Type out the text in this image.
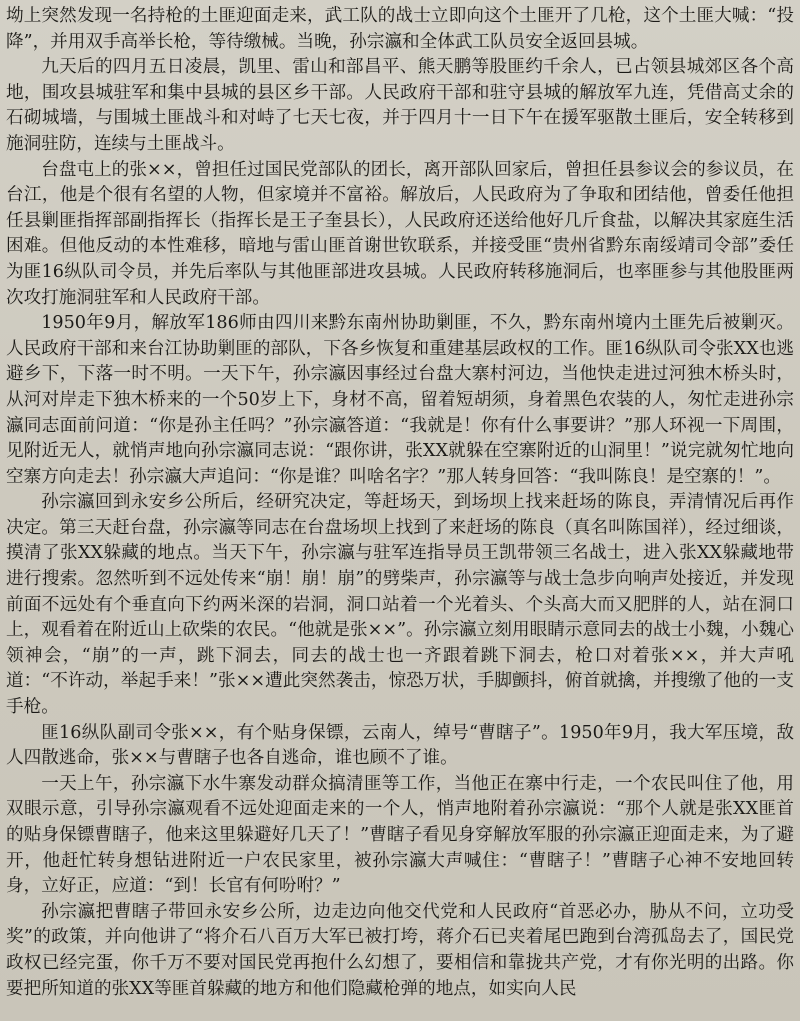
坳上突然发现一名持枪的土匪迎面走来，武工队的战士立即向这个土匪开了几枪，这个土匪大喊：“投降”，并用双手高举长枪，等待缴械。当晚，孙宗瀛和全体武工队员安全返回县城。

九天后的四月五日凌晨，凯里、雷山和部昌平、熊天鹏等股匪约千余人，已占领县城郊区各个高地，围攻县城驻军和集中县城的县区乡干部。人民政府干部和驻守县城的解放军九连，凭借高丈余的石砌城墙，与围城土匪战斗和对峙了七天七夜，并于四月十一日下午在援军驱散土匪后，安全转移到施洞驻防，连续与土匪战斗。

台盘屯上的张××，曾担任过国民党部队的团长，离开部队回家后，曾担任县参议会的参议员，在台江，他是个很有名望的人物，但家境并不富裕。解放后，人民政府为了争取和团结他，曾委任他担任县剿匪指挥部副指挥长（指挥长是王子奎县长），人民政府还送给他好几斤食盐，以解决其家庭生活困难。但他反动的本性难移，暗地与雷山匪首谢世钦联系，并接受匪“贵州省黔东南绥靖司令部”委任为匪16纵队司令员，并先后率队与其他匪部进攻县城。人民政府转移施洞后，也率匪参与其他股匪两次攻打施洞驻军和人民政府干部。

1950年9月，解放军186师由四川来黔东南州协助剿匪，不久，黔东南州境内土匪先后被剿灭。人民政府干部和来台江协助剿匪的部队，下各乡恢复和重建基层政权的工作。匪16纵队司令张XX也逃避乡下，下落一时不明。一天下午，孙宗瀛因事经过台盘大寨村河边，当他快走进过河独木桥头时，从河对岸走下独木桥来的一个50岁上下，身材不高，留着短胡须，身着黑色农装的人，匆忙走进孙宗瀛同志面前问道：“你是孙主任吗？”孙宗瀛答道：“我就是！你有什么事要讲？”那人环视一下周围，见附近无人，就悄声地向孙宗瀛同志说：“跟你讲，张XX就躲在空寨附近的山洞里！”说完就匆忙地向空寨方向走去！孙宗瀛大声追问：“你是谁？叫啥名字？”那人转身回答：“我叫陈良！是空寨的！”。

孙宗瀛回到永安乡公所后，经研究决定，等赶场天，到场坝上找来赶场的陈良，弄清情况后再作决定。第三天赶台盘，孙宗瀛等同志在台盘场坝上找到了来赶场的陈良（真名叫陈国祥），经过细谈，摸清了张XX躲藏的地点。当天下午，孙宗瀛与驻军连指导员王凯带领三名战士，进入张XX躲藏地带进行搜索。忽然听到不远处传来“崩！崩！崩”的劈柴声，孙宗瀛等与战士急步向响声处接近，并发现前面不远处有个垂直向下约两米深的岩洞，洞口站着一个光着头、个头高大而又肥胖的人，站在洞口上，观看着在附近山上砍柴的农民。“他就是张××”。孙宗瀛立刻用眼睛示意同去的战士小魏，小魏心领神会，“崩”的一声，跳下洞去，同去的战士也一齐跟着跳下洞去，枪口对着张××，并大声吼道：“不许动，举起手来！”张××遭此突然袭击，惊恐万状，手脚颤抖，俯首就擒，并搜缴了他的一支手枪。

匪16纵队副司令张××，有个贴身保镖，云南人，绰号“曹瞎子”。1950年9月，我大军压境，敌人四散逃命，张××与曹瞎子也各自逃命，谁也顾不了谁。

一天上午，孙宗瀛下水牛寨发动群众搞清匪等工作，当他正在寨中行走，一个农民叫住了他，用双眼示意，引导孙宗瀛观看不远处迎面走来的一个人，悄声地附着孙宗瀛说：“那个人就是张XX匪首的贴身保镖曹瞎子，他来这里躲避好几天了！”曹瞎子看见身穿解放军服的孙宗瀛正迎面走来，为了避开，他赶忙转身想钻进附近一户农民家里，被孙宗瀛大声喊住：“曹瞎子！”曹瞎子心神不安地回转身，立好正，应道：“到！长官有何吩咐？”

孙宗瀛把曹瞎子带回永安乡公所，边走边向他交代党和人民政府“首恶必办，胁从不问，立功受奖”的政策，并向他讲了“将介石八百万大军已被打垮，蒋介石已夹着尾巴跑到台湾孤岛去了，国民党政权已经完蛋，你千万不要对国民党再抱什么幻想了，要相信和靠拢共产党，才有你光明的出路。你要把所知道的张XX等匪首躲藏的地方和他们隐藏枪弹的地点，如实向人民
